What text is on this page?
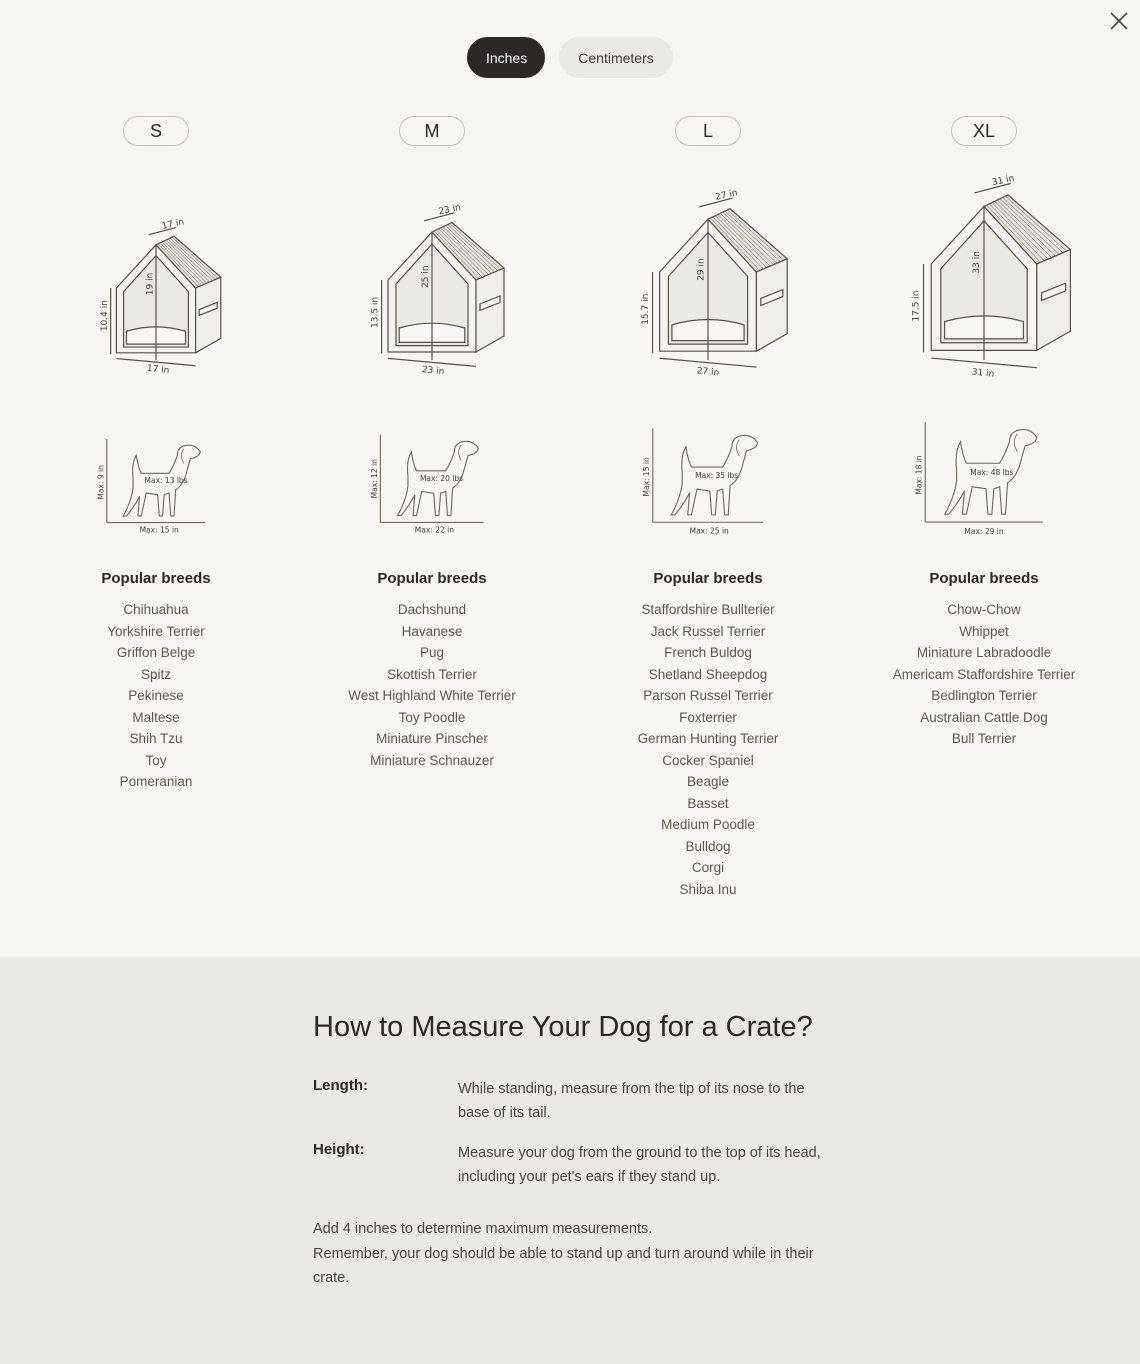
Inches	Centimeters
S
17 in
17 in
19 in
10.4 in
Max: 13 lbs
Max: 9 in
Max: 15 in
Popular breeds
Chihuahua
Yorkshire Terrier
Griffon Belge
Spitz
Pekinese
Maltese
Shih Tzu
Toy
Pomeranian
M
23 in
23 in
25 in
13.5 in
Max: 20 lbs
Max: 12 in
Max: 22 in
Popular breeds
Dachshund
Havanese
Pug
Skottish Terrier
West Highland White Terrier
Toy Poodle
Miniature Pinscher
Miniature Schnauzer
L
27 in
27 in
29 in
15.7 in
Max: 35 lbs
Max: 15 in
Max: 25 in
Popular breeds
Staffordshire Bullterier
Jack Russel Terrier
French Buldog
Shetland Sheepdog
Parson Russel Terrier
Foxterrier
German Hunting Terrier
Cocker Spaniel
Beagle
Basset
Medium Poodle
Bulldog
Corgi
Shiba Inu
XL
31 in
31 in
33 in
17.5 in
Max: 48 lbs
Max: 18 in
Max: 29 in
Popular breeds
Chow-Chow
Whippet
Miniature Labradoodle
Americam Staffordshire Terrier
Bedlington Terrier
Australian Cattle Dog
Bull Terrier
How to Measure Your Dog for a Crate?
Length:	While standing, measure from the tip of its nose to the base of its tail.
Height:	Measure your dog from the ground to the top of its head, including your pet's ears if they stand up.

Add 4 inches to determine maximum measurements.

Remember, your dog should be able to stand up and turn around while in their crate.
